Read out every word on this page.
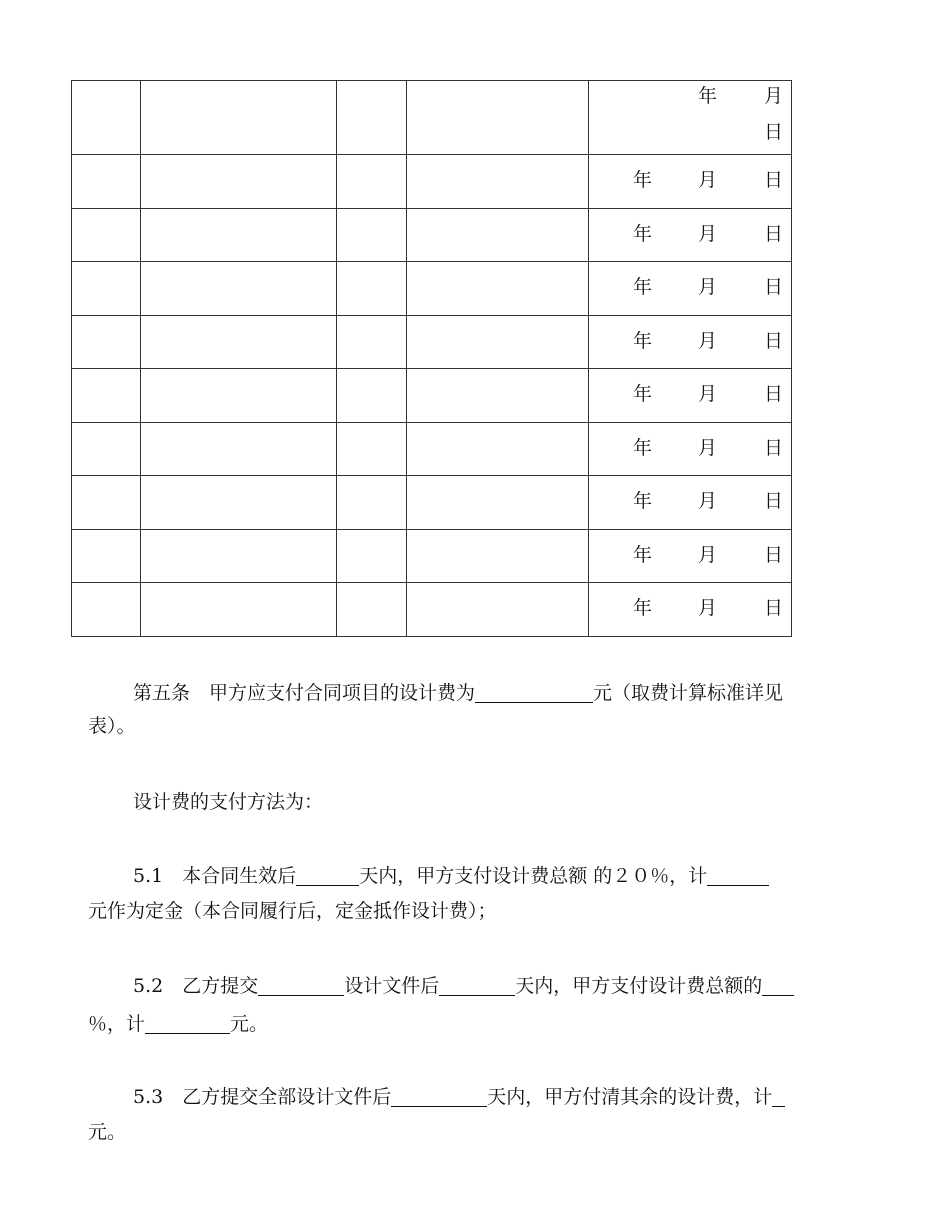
				年 月
日

				年 月 日

				年 月 日

				年 月 日

				年 月 日

				年 月 日

				年 月 日

				年 月 日

				年 月 日

				年 月 日
第五条　甲方应支付合同项目的设计费为	元（取费计算标准详见
表）。
设计费的支付方法为：
5.1　本合同生效后	天内，甲方支付设计费总额 的２０％，计
元作为定金（本合同履行后，定金抵作设计费）；
5.2　乙方提交	设计文件后	天内，甲方支付设计费总额的
％，计	元。
5.3　乙方提交全部设计文件后	天内，甲方付清其余的设计费，计
元。
